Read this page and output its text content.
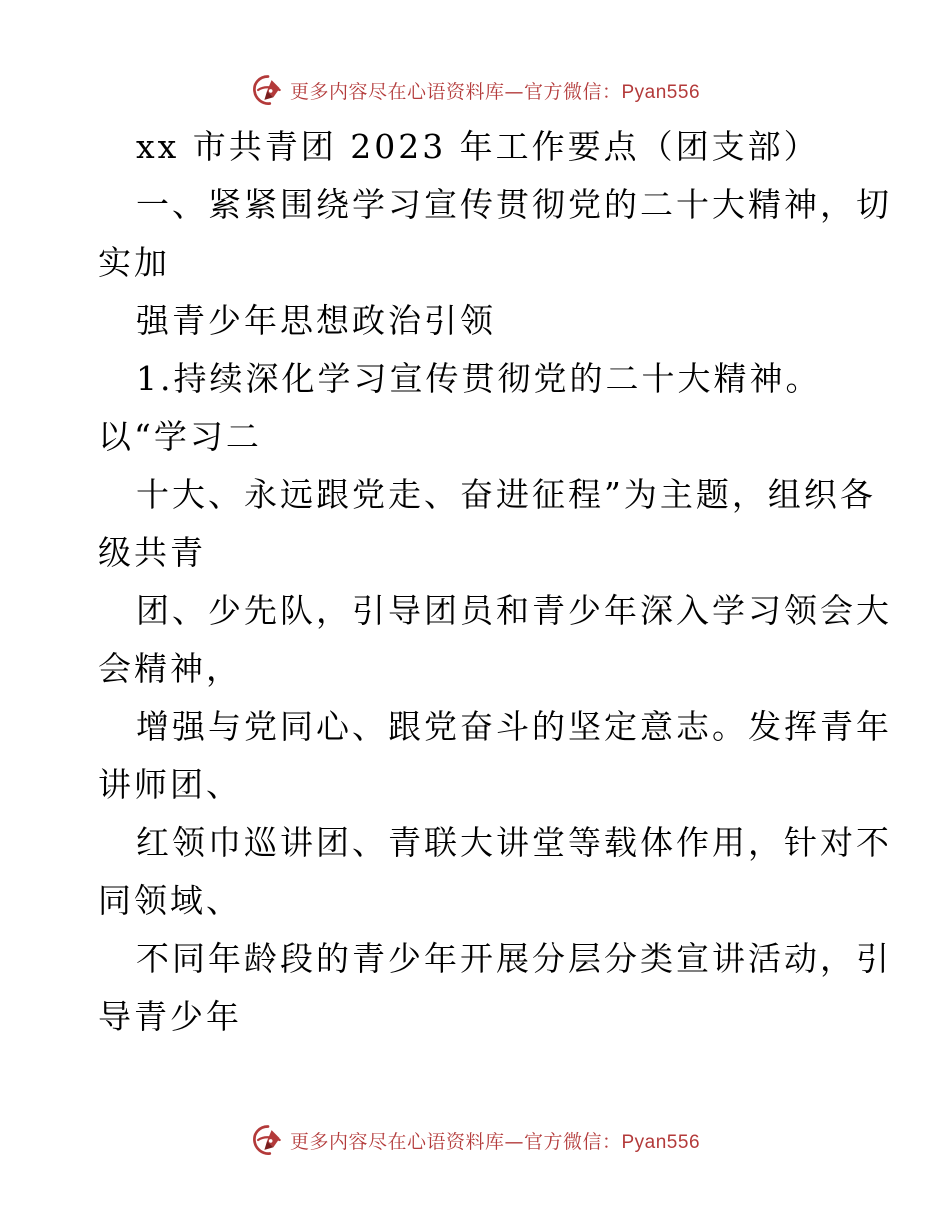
更多内容尽在心语资料库—官方微信：Pyan556
xx 市共青团 2023 年工作要点（团支部）
一、紧紧围绕学习宣传贯彻党的二十大精神，切
实加
强青少年思想政治引领
1.持续深化学习宣传贯彻党的二十大精神。
以“学习二
十大、永远跟党走、奋进征程”为主题，组织各
级共青
团、少先队，引导团员和青少年深入学习领会大
会精神，
增强与党同心、跟党奋斗的坚定意志。发挥青年
讲师团、
红领巾巡讲团、青联大讲堂等载体作用，针对不
同领域、
不同年龄段的青少年开展分层分类宣讲活动，引
导青少年
更多内容尽在心语资料库—官方微信：Pyan556
